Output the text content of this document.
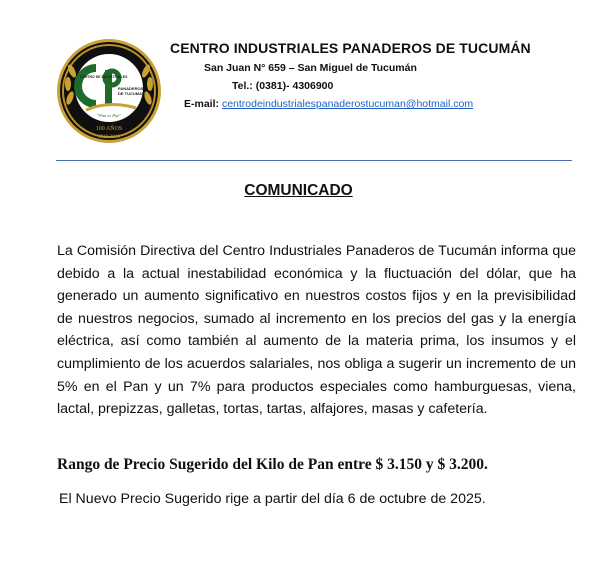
CENTRO DE INDUSTRIALES
PANADEROS
DE TUCUMAN
"Pan es Paz"
100 AÑOS
1910-2010
CENTRO INDUSTRIALES PANADEROS DE TUCUMÁN
San Juan N° 659 – San Miguel de Tucumán
Tel.: (0381)- 4306900
E-mail: centrodeindustrialespanaderostucuman@hotmail.com
COMUNICADO
La Comisión Directiva del Centro Industriales Panaderos de Tucumán informa que debido a la actual inestabilidad económica y la fluctuación del dólar, que ha generado un aumento significativo en nuestros costos fijos y en la previsibilidad de nuestros negocios, sumado al incremento en los precios del gas y la energía eléctrica, así como también al aumento de la materia prima, los insumos y el cumplimiento de los acuerdos salariales, nos obliga a sugerir un incremento de un 5% en el Pan y un 7% para productos especiales como hamburguesas, viena, lactal, prepizzas, galletas, tortas, tartas, alfajores, masas y cafetería.
Rango de Precio Sugerido del Kilo de Pan entre $ 3.150 y $ 3.200.
El Nuevo Precio Sugerido rige a partir del día 6 de octubre de 2025.
